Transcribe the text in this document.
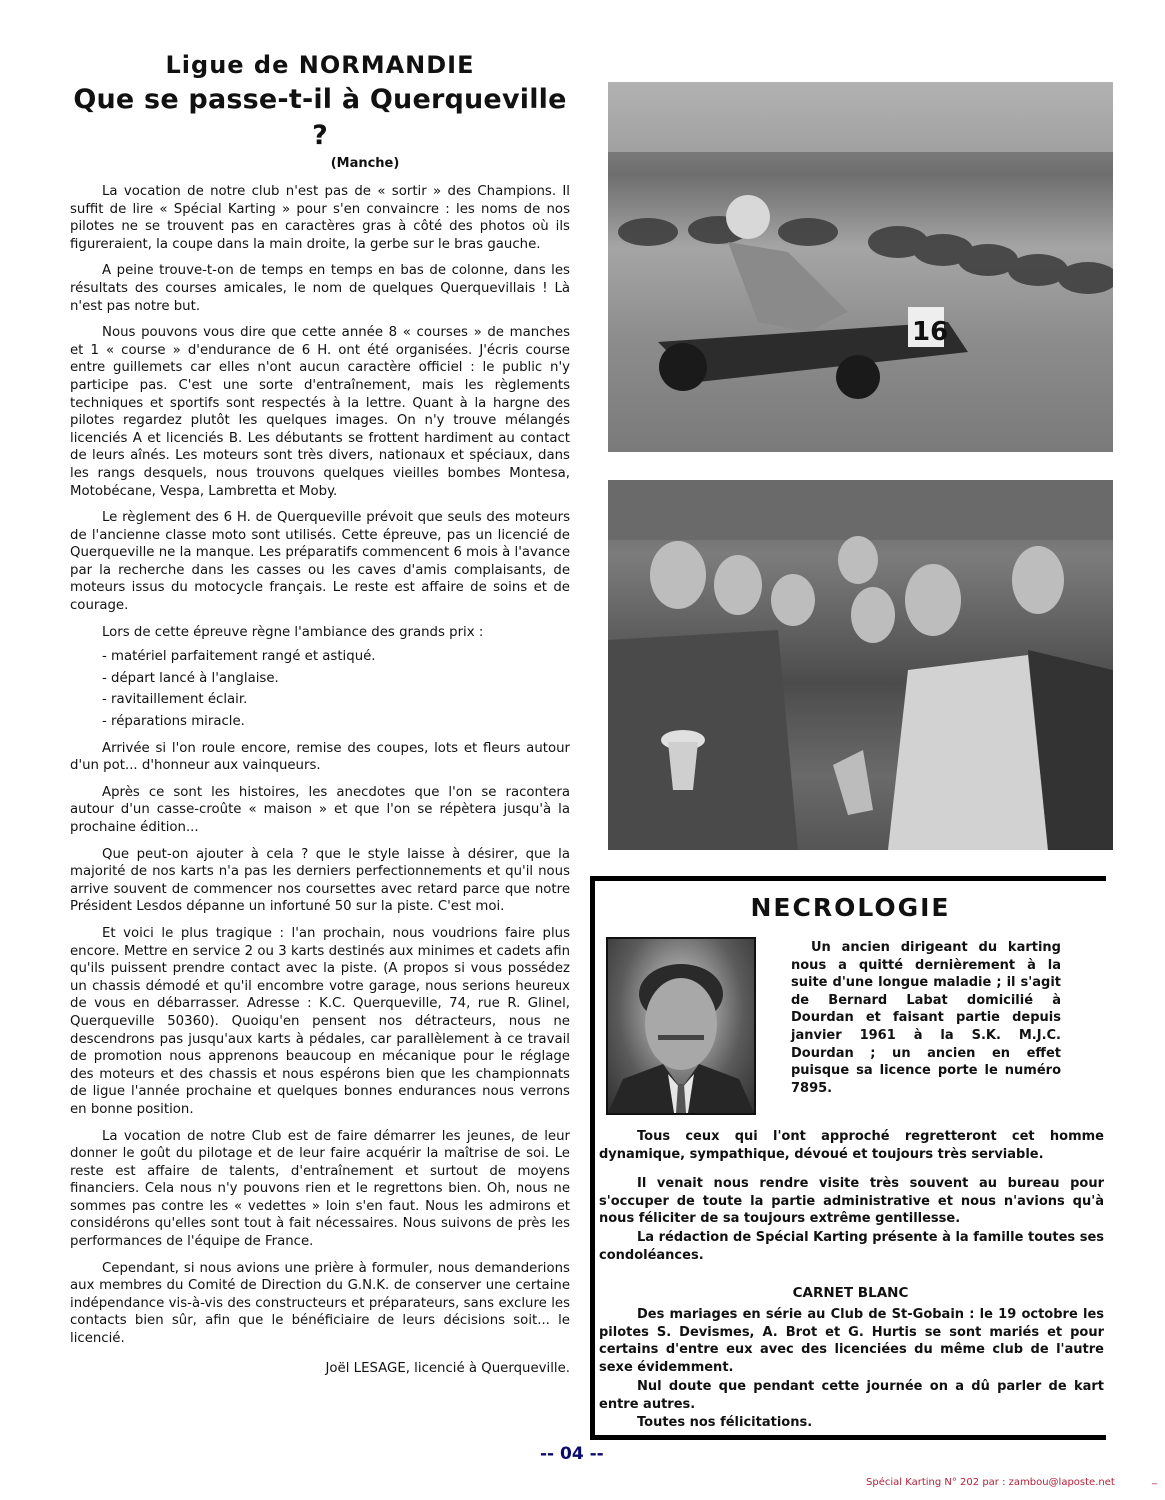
Ligue de NORMANDIE
Que se passe-t-il à Querqueville ?
(Manche)

La vocation de notre club n'est pas de « sortir » des Champions. Il suffit de lire « Spécial Karting » pour s'en convaincre : les noms de nos pilotes ne se trouvent pas en caractères gras à côté des photos où ils figureraient, la coupe dans la main droite, la gerbe sur le bras gauche.

A peine trouve-t-on de temps en temps en bas de colonne, dans les résultats des courses amicales, le nom de quelques Querquevillais ! Là n'est pas notre but.

Nous pouvons vous dire que cette année 8 « courses » de manches et 1 « course » d'endurance de 6 H. ont été organisées. J'écris course entre guillemets car elles n'ont aucun caractère officiel : le public n'y participe pas. C'est une sorte d'entraînement, mais les règlements techniques et sportifs sont respectés à la lettre. Quant à la hargne des pilotes regardez plutôt les quelques images. On n'y trouve mélangés licenciés A et licenciés B. Les débutants se frottent hardiment au contact de leurs aînés. Les moteurs sont très divers, nationaux et spéciaux, dans les rangs desquels, nous trouvons quelques vieilles bombes Montesa, Motobécane, Vespa, Lambretta et Moby.

Le règlement des 6 H. de Querqueville prévoit que seuls des moteurs de l'ancienne classe moto sont utilisés. Cette épreuve, pas un licencié de Querqueville ne la manque. Les préparatifs commencent 6 mois à l'avance par la recherche dans les casses ou les caves d'amis complaisants, de moteurs issus du motocycle français. Le reste est affaire de soins et de courage.

Lors de cette épreuve règne l'ambiance des grands prix :

- matériel parfaitement rangé et astiqué.
- départ lancé à l'anglaise.
- ravitaillement éclair.
- réparations miracle.

Arrivée si l'on roule encore, remise des coupes, lots et fleurs autour d'un pot... d'honneur aux vainqueurs.

Après ce sont les histoires, les anecdotes que l'on se racontera autour d'un casse-croûte « maison » et que l'on se répètera jusqu'à la prochaine édition...

Que peut-on ajouter à cela ? que le style laisse à désirer, que la majorité de nos karts n'a pas les derniers perfectionnements et qu'il nous arrive souvent de commencer nos coursettes avec retard parce que notre Président Lesdos dépanne un infortuné 50 sur la piste. C'est moi.

Et voici le plus tragique : l'an prochain, nous voudrions faire plus encore. Mettre en service 2 ou 3 karts destinés aux minimes et cadets afin qu'ils puissent prendre contact avec la piste. (A propos si vous possédez un chassis démodé et qu'il encombre votre garage, nous serions heureux de vous en débarrasser. Adresse : K.C. Querqueville, 74, rue R. Glinel, Querqueville 50360). Quoiqu'en pensent nos détracteurs, nous ne descendrons pas jusqu'aux karts à pédales, car parallèlement à ce travail de promotion nous apprenons beaucoup en mécanique pour le réglage des moteurs et des chassis et nous espérons bien que les championnats de ligue l'année prochaine et quelques bonnes endurances nous verrons en bonne position.

La vocation de notre Club est de faire démarrer les jeunes, de leur donner le goût du pilotage et de leur faire acquérir la maîtrise de soi. Le reste est affaire de talents, d'entraînement et surtout de moyens financiers. Cela nous n'y pouvons rien et le regrettons bien. Oh, nous ne sommes pas contre les « vedettes » loin s'en faut. Nous les admirons et considérons qu'elles sont tout à fait nécessaires. Nous suivons de près les performances de l'équipe de France.

Cependant, si nous avions une prière à formuler, nous demanderions aux membres du Comité de Direction du G.N.K. de conserver une certaine indépendance vis-à-vis des constructeurs et préparateurs, sans exclure les contacts bien sûr, afin que le bénéficiaire de leurs décisions soit... le licencié.

Joël LESAGE, licencié à Querqueville.
16
NECROLOGIE

Un ancien dirigeant du karting nous a quitté dernièrement à la suite d'une longue maladie ; il s'agit de Bernard Labat domicilié à Dourdan et faisant partie depuis janvier 1961 à la S.K. M.J.C. Dourdan ; un ancien en effet puisque sa licence porte le numéro 7895.

Tous ceux qui l'ont approché regretteront cet homme dynamique, sympathique, dévoué et toujours très serviable.

Il venait nous rendre visite très souvent au bureau pour s'occuper de toute la partie administrative et nous n'avions qu'à nous féliciter de sa toujours extrême gentillesse.

La rédaction de Spécial Karting présente à la famille toutes ses condoléances.

CARNET BLANC

Des mariages en série au Club de St-Gobain : le 19 octobre les pilotes S. Devismes, A. Brot et G. Hurtis se sont mariés et pour certains d'entre eux avec des licenciées du même club de l'autre sexe évidemment.

Nul doute que pendant cette journée on a dû parler de kart entre autres.

Toutes nos félicitations.

-- 04 --
Spécial Karting N° 202 par : zambou@laposte.net	_
